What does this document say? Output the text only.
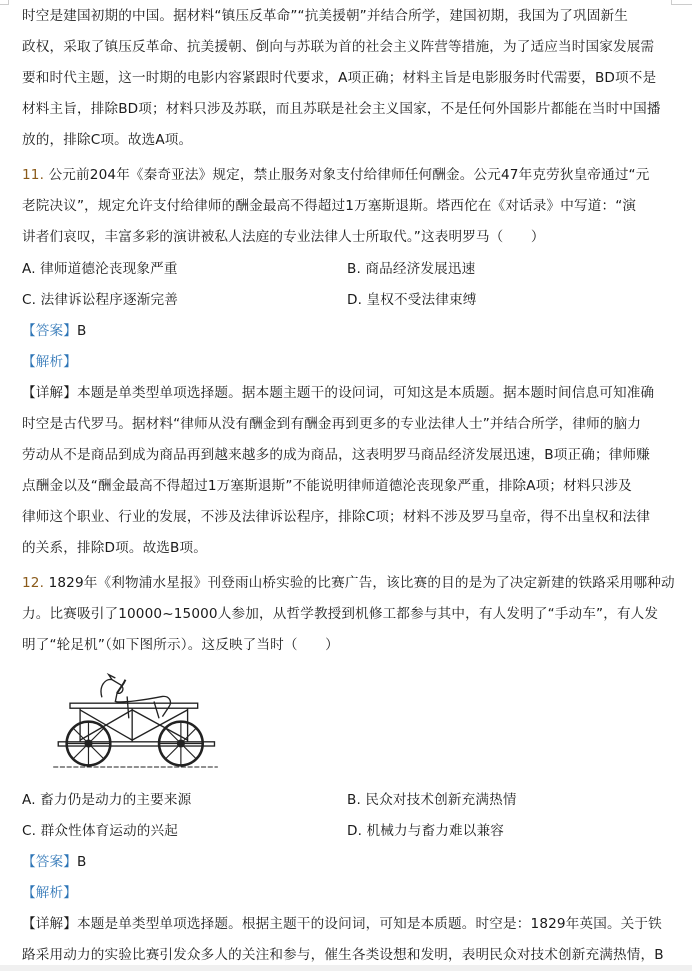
时空是建国初期的中国。据材料“镇压反革命”“抗美援朝”并结合所学，建国初期，我国为了巩固新生
政权，采取了镇压反革命、抗美援朝、倒向与苏联为首的社会主义阵营等措施，为了适应当时国家发展需
要和时代主题，这一时期的电影内容紧跟时代要求，A项正确；材料主旨是电影服务时代需要，BD项不是
材料主旨，排除BD项；材料只涉及苏联，而且苏联是社会主义国家，不是任何外国影片都能在当时中国播
放的，排除C项。故选A项。
11. 公元前204年《秦奇亚法》规定，禁止服务对象支付给律师任何酬金。公元47年克劳狄皇帝通过“元
老院决议”，规定允许支付给律师的酬金最高不得超过1万塞斯退斯。塔西佗在《对话录》中写道：“演
讲者们哀叹，丰富多彩的演讲被私人法庭的专业法律人士所取代。”这表明罗马（　　）
A. 律师道德沦丧现象严重	B. 商品经济发展迅速
C. 法律诉讼程序逐渐完善	D. 皇权不受法律束缚
【答案】B
【解析】
【详解】本题是单类型单项选择题。据本题主题干的设问词，可知这是本质题。据本题时间信息可知准确
时空是古代罗马。据材料“律师从没有酬金到有酬金再到更多的专业法律人士”并结合所学，律师的脑力
劳动从不是商品到成为商品再到越来越多的成为商品，这表明罗马商品经济发展迅速，B项正确；律师赚
点酬金以及“酬金最高不得超过1万塞斯退斯”不能说明律师道德沦丧现象严重，排除A项；材料只涉及
律师这个职业、行业的发展，不涉及法律诉讼程序，排除C项；材料不涉及罗马皇帝，得不出皇权和法律
的关系，排除D项。故选B项。
12. 1829年《利物浦水星报》刊登雨山桥实验的比赛广告，该比赛的目的是为了决定新建的铁路采用哪种动
力。比赛吸引了10000~15000人参加，从哲学教授到机修工都参与其中，有人发明了“手动车”，有人发
明了“轮足机”（如下图所示）。这反映了当时（　　）
A. 畜力仍是动力的主要来源	B. 民众对技术创新充满热情
C. 群众性体育运动的兴起	D. 机械力与畜力难以兼容
【答案】B
【解析】
【详解】本题是单类型单项选择题。根据主题干的设问词，可知是本质题。时空是：1829年英国。关于铁
路采用动力的实验比赛引发众多人的关注和参与，催生各类设想和发明，表明民众对技术创新充满热情，B
